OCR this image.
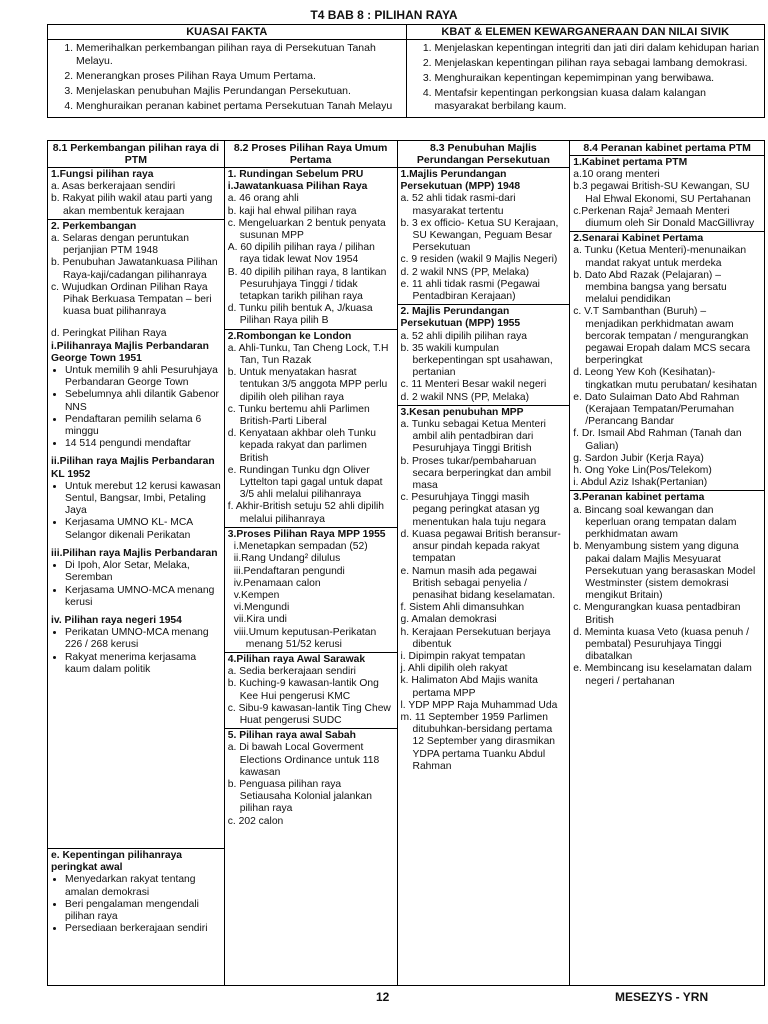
T4 BAB 8 : PILIHAN RAYA
KUASAI FAKTA	KBAT & ELEMEN KEWARGANERAAN DAN NILAI SIVIK
1. Memerihalkan perkembangan pilihan raya di Persekutuan Tanah Melayu.
2. Menerangkan proses Pilihan Raya Umum Pertama.
3. Menjelaskan penubuhan Majlis Perundangan Persekutuan.
4. Menghuraikan peranan kabinet pertama Persekutuan Tanah Melayu
1. Menjelaskan kepentingan integriti dan jati diri dalam kehidupan harian
2. Menjelaskan kepentingan pilihan raya sebagai lambang demokrasi.
3. Menghuraikan kepentingan kepemimpinan yang berwibawa.
4. Mentafsir kepentingan perkongsian kuasa dalam kalangan masyarakat berbilang kaum.
8.1 Perkembangan pilihan raya di PTM
1.Fungsi pilihan raya
a. Asas berkerajaan sendiri
b. Rakyat pilih wakil atau parti yang akan membentuk kerajaan
2. Perkembangan
a. Selaras dengan peruntukan perjanjian PTM 1948
b. Penubuhan Jawatankuasa Pilihan Raya-kaji/cadangan pilihanraya
c. Wujudkan Ordinan Pilihan Raya Pihak Berkuasa Tempatan – beri kuasa buat pilihanraya
d. Peringkat Pilihan Raya
i.Pilihanraya Majlis Perbandaran George Town 1951
• Untuk memilih 9 ahli Pesuruhjaya Perbandaran George Town
• Sebelumnya ahli dilantik Gabenor NNS
• Pendaftaran pemilih selama 6 minggu
• 14 514 pengundi mendaftar
ii.Pilihan raya Majlis Perbandaran KL 1952
• Untuk merebut 12 kerusi kawasan Sentul, Bangsar, Imbi, Petaling Jaya
• Kerjasama UMNO KL- MCA Selangor dikenali Perikatan
iii.Pilihan raya Majlis Perbandaran
• Di Ipoh, Alor Setar, Melaka, Seremban
• Kerjasama UMNO-MCA menang kerusi
iv. Pilihan raya negeri 1954
• Perikatan UMNO-MCA menang 226 / 268 kerusi
• Rakyat menerima kerjasama kaum dalam politik
e. Kepentingan pilihanraya peringkat awal
• Menyedarkan rakyat tentang amalan demokrasi
• Beri pengalaman mengendali pilihan raya
• Persediaan berkerajaan sendiri
8.2 Proses Pilihan Raya Umum Pertama
1. Rundingan Sebelum PRU
i.Jawatankuasa Pilihan Raya
a. 46 orang ahli
b. kaji hal ehwal pilihan raya
c. Mengeluarkan 2 bentuk penyata susunan MPP
A. 60 dipilih pilihan raya / pilihan raya tidak lewat Nov 1954
B. 40 dipilih pilihan raya, 8 lantikan Pesuruhjaya Tinggi / tidak tetapkan tarikh pilihan raya
d. Tunku pilih bentuk A, J/kuasa Pilihan Raya pilih B
2.Rombongan ke London
a. Ahli-Tunku, Tan Cheng Lock, T.H Tan, Tun Razak
b. Untuk menyatakan hasrat tentukan 3/5 anggota MPP perlu dipilih oleh pilihan raya
c. Tunku bertemu ahli Parlimen British-Parti Liberal
d. Kenyataan akhbar oleh Tunku kepada rakyat dan parlimen British
e. Rundingan Tunku dgn Oliver Lyttelton tapi gagal untuk dapat 3/5 ahli melalui pilihanraya
f. Akhir-British setuju 52 ahli dipilih melalui pilihanraya
3.Proses Pilihan Raya MPP 1955
i.Menetapkan sempadan (52)
ii.Rang Undang² dilulus
iii.Pendaftaran pengundi
iv.Penamaan calon
v.Kempen
vi.Mengundi
vii.Kira undi
viii.Umum keputusan-Perikatan menang 51/52 kerusi
4.Pilihan raya Awal Sarawak
a. Sedia berkerajaan sendiri
b. Kuching-9 kawasan-lantik Ong Kee Hui pengerusi KMC
c. Sibu-9 kawasan-lantik Ting Chew Huat pengerusi SUDC
5. Pilihan raya awal Sabah
a. Di bawah Local Goverment Elections Ordinance untuk 118 kawasan
b. Penguasa pilihan raya Setiausaha Kolonial jalankan pilihan raya
c. 202 calon
8.3 Penubuhan Majlis Perundangan Persekutuan
1.Majlis Perundangan Persekutuan (MPP) 1948
a. 52 ahli tidak rasmi-dari masyarakat tertentu
b. 3 ex officio- Ketua SU Kerajaan, SU Kewangan, Peguam Besar Persekutuan
c. 9 residen (wakil 9 Majlis Negeri)
d. 2 wakil NNS (PP, Melaka)
e. 11 ahli tidak rasmi (Pegawai Pentadbiran Kerajaan)
2. Majlis Perundangan Persekutuan (MPP) 1955
a. 52 ahli dipilih pilihan raya
b. 35 wakili kumpulan berkepentingan spt usahawan, pertanian
c. 11 Menteri Besar wakil negeri
d. 2 wakil NNS (PP, Melaka)
3.Kesan penubuhan MPP
a. Tunku sebagai Ketua Menteri ambil alih pentadbiran dari Pesuruhjaya Tinggi British
b. Proses tukar/pembaharuan secara berperingkat dan ambil masa
c. Pesuruhjaya Tinggi masih pegang peringkat atasan yg menentukan hala tuju negara
d. Kuasa pegawai British beransur-ansur pindah kepada rakyat tempatan
e. Namun masih ada pegawai British sebagai penyelia / penasihat bidang keselamatan.
f. Sistem Ahli dimansuhkan
g. Amalan demokrasi
h. Kerajaan Persekutuan berjaya dibentuk
i. Dipimpin rakyat tempatan
j. Ahli dipilih oleh rakyat
k. Halimaton Abd Majis wanita pertama MPP
l. YDP MPP Raja Muhammad Uda
m. 11 September 1959 Parlimen ditubuhkan-bersidang pertama 12 September yang dirasmikan YDPA pertama Tuanku Abdul Rahman
8.4 Peranan kabinet pertama PTM
1.Kabinet pertama PTM
a.10 orang menteri
b.3 pegawai British-SU Kewangan, SU Hal Ehwal Ekonomi, SU Pertahanan
c.Perkenan Raja² Jemaah Menteri diumum oleh Sir Donald MacGillivray
2.Senarai Kabinet Pertama
a. Tunku (Ketua Menteri)-menunaikan mandat rakyat untuk merdeka
b. Dato Abd Razak (Pelajaran) – membina bangsa yang bersatu melalui pendidikan
c. V.T Sambanthan (Buruh) – menjadikan perkhidmatan awam bercorak tempatan / mengurangkan pegawai Eropah dalam MCS secara berperingkat
d. Leong Yew Koh (Kesihatan)-tingkatkan mutu perubatan/ kesihatan
e. Dato Sulaiman Dato Abd Rahman (Kerajaan Tempatan/Perumahan /Perancang Bandar
f. Dr. Ismail Abd Rahman (Tanah dan Galian)
g. Sardon Jubir (Kerja Raya)
h. Ong Yoke Lin(Pos/Telekom)
i. Abdul Aziz Ishak(Pertanian)
3.Peranan kabinet pertama
a. Bincang soal kewangan dan keperluan orang tempatan dalam perkhidmatan awam
b. Menyambung sistem yang diguna pakai dalam Majlis Mesyuarat Persekutuan yang berasaskan Model Westminster (sistem demokrasi mengikut Britain)
c. Mengurangkan kuasa pentadbiran British
d. Meminta kuasa Veto (kuasa penuh / pembatal) Pesuruhjaya Tinggi dibatalkan
e. Membincang isu keselamatan dalam negeri / pertahanan
12	MESEZYS - YRN
